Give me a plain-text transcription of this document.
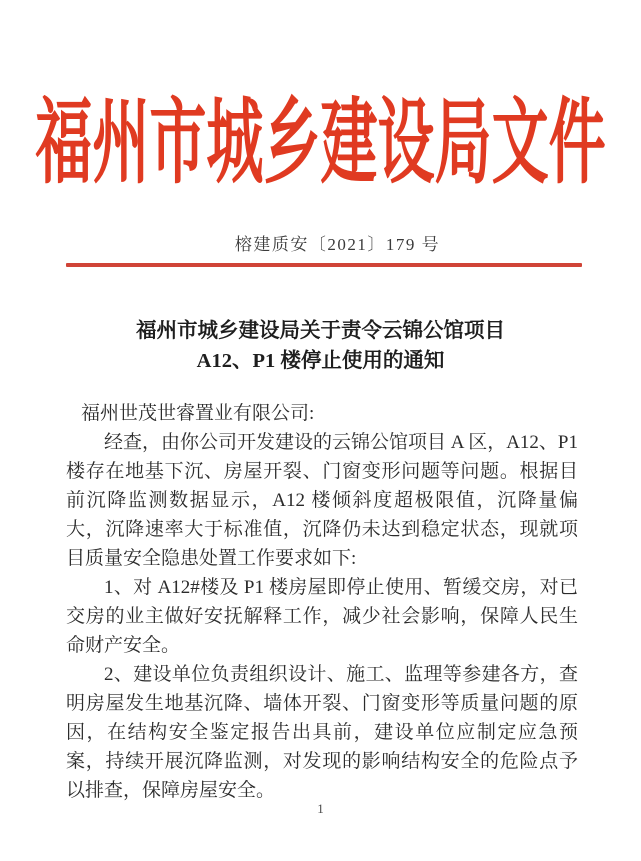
福州市城乡建设局文件
榕建质安〔2021〕179 号
福州市城乡建设局关于责令云锦公馆项目
A12、P1 楼停止使用的通知

福州世茂世睿置业有限公司:

经查，由你公司开发建设的云锦公馆项目 A 区，A12、P1 楼存在地基下沉、房屋开裂、门窗变形问题等问题。根据目前沉降监测数据显示，A12 楼倾斜度超极限值，沉降量偏大，沉降速率大于标准值，沉降仍未达到稳定状态，现就项目质量安全隐患处置工作要求如下:

1、对 A12#楼及 P1 楼房屋即停止使用、暂缓交房，对已交房的业主做好安抚解释工作，减少社会影响，保障人民生命财产安全。

2、建设单位负责组织设计、施工、监理等参建各方，查明房屋发生地基沉降、墙体开裂、门窗变形等质量问题的原因，在结构安全鉴定报告出具前，建设单位应制定应急预案，持续开展沉降监测，对发现的影响结构安全的危险点予以排查，保障房屋安全。

1
